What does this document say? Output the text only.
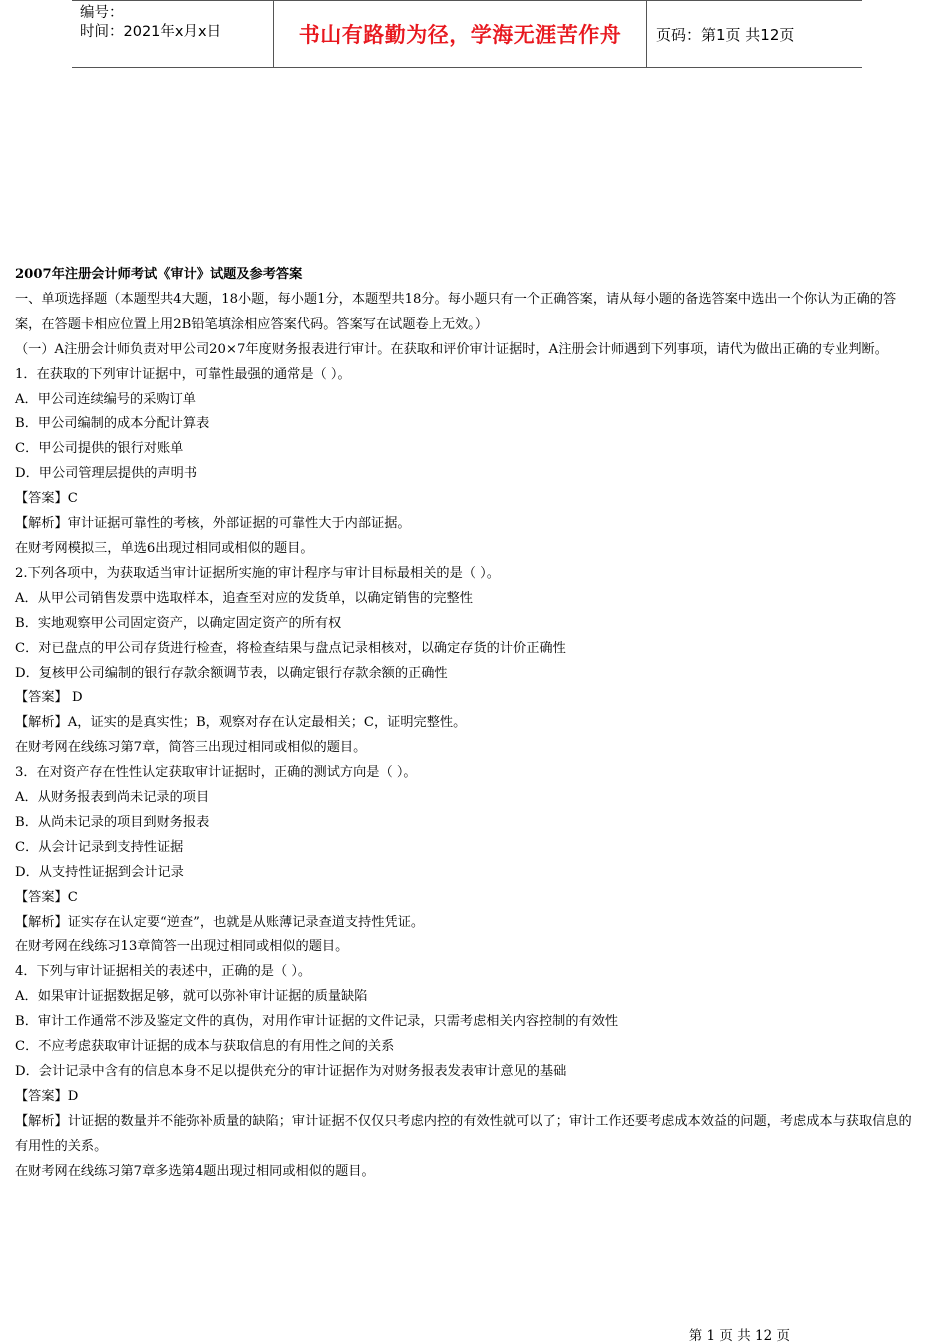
编号：
时间：2021年x月x日	书山有路勤为径，学海无涯苦作舟	页码：第1页 共12页

2007年注册会计师考试《审计》试题及参考答案

一、单项选择题（本题型共4大题，18小题，每小题1分，本题型共18分。每小题只有一个正确答案，请从每小题的备选答案中选出一个你认为正确的答案，在答题卡相应位置上用2B铅笔填涂相应答案代码。答案写在试题卷上无效。）

（一）A注册会计师负责对甲公司20×7年度财务报表进行审计。在获取和评价审计证据时，A注册会计师遇到下列事项，请代为做出正确的专业判断。

1．在获取的下列审计证据中，可靠性最强的通常是（ ）。

A．甲公司连续编号的采购订单

B．甲公司编制的成本分配计算表

C．甲公司提供的银行对账单

D．甲公司管理层提供的声明书

【答案】C

【解析】审计证据可靠性的考核，外部证据的可靠性大于内部证据。

在财考网模拟三，单选6出现过相同或相似的题目。

2.下列各项中，为获取适当审计证据所实施的审计程序与审计目标最相关的是（ ）。

A．从甲公司销售发票中选取样本，追查至对应的发货单，以确定销售的完整性

B．实地观察甲公司固定资产，以确定固定资产的所有权

C．对已盘点的甲公司存货进行检查，将检查结果与盘点记录相核对，以确定存货的计价正确性

D．复核甲公司编制的银行存款余额调节表，以确定银行存款余额的正确性

【答案】 D

【解析】A，证实的是真实性；B，观察对存在认定最相关；C，证明完整性。

在财考网在线练习第7章，简答三出现过相同或相似的题目。

3．在对资产存在性性认定获取审计证据时，正确的测试方向是（ ）。

A．从财务报表到尚未记录的项目

B．从尚未记录的项目到财务报表

C．从会计记录到支持性证据

D．从支持性证据到会计记录

【答案】C

【解析】证实存在认定要“逆查”，也就是从账薄记录查道支持性凭证。

在财考网在线练习13章简答一出现过相同或相似的题目。

4．下列与审计证据相关的表述中，正确的是（ ）。

A．如果审计证据数据足够，就可以弥补审计证据的质量缺陷

B．审计工作通常不涉及鉴定文件的真伪，对用作审计证据的文件记录，只需考虑相关内容控制的有效性

C．不应考虑获取审计证据的成本与获取信息的有用性之间的关系

D．会计记录中含有的信息本身不足以提供充分的审计证据作为对财务报表发表审计意见的基础

【答案】D

【解析】计证据的数量并不能弥补质量的缺陷；审计证据不仅仅只考虑内控的有效性就可以了；审计工作还要考虑成本效益的问题，考虑成本与获取信息的有用性的关系。

在财考网在线练习第7章多选第4题出现过相同或相似的题目。

第 1 页 共 12 页
